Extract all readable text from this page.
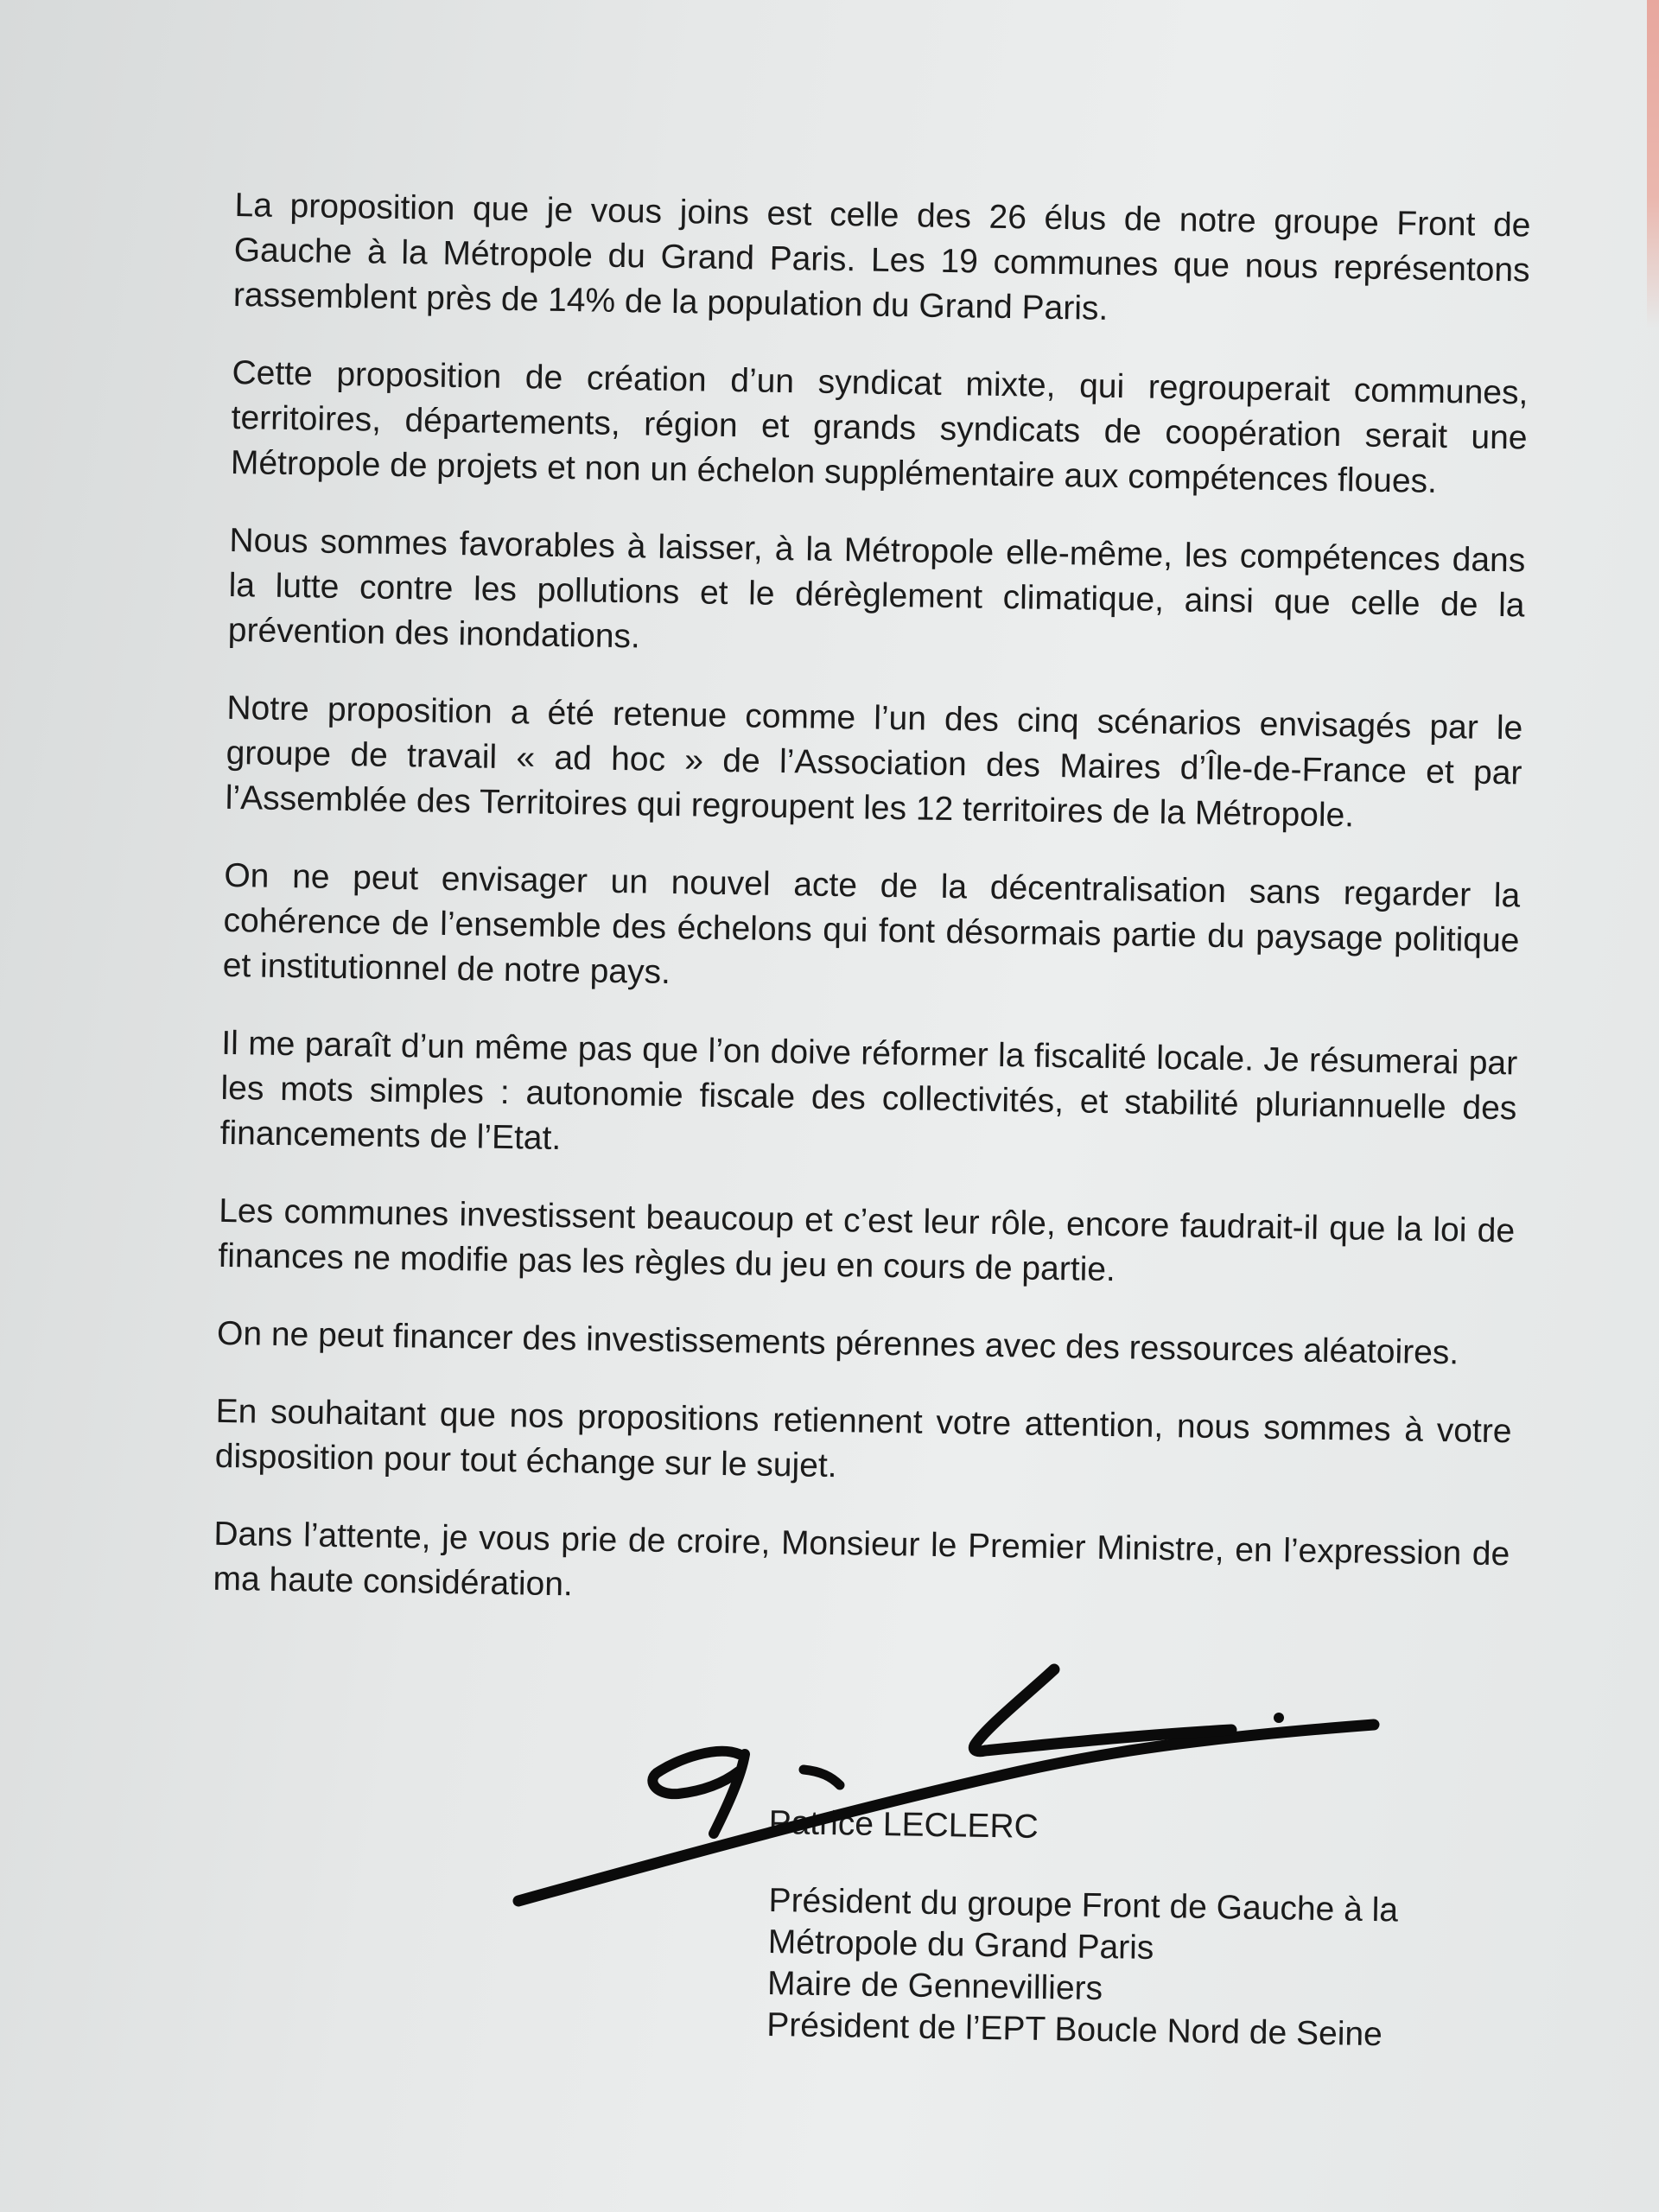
La proposition que je vous joins est celle des 26 élus de notre groupe Front de Gauche à la Métropole du Grand Paris. Les 19 communes que nous représentons rassemblent près de 14% de la population du Grand Paris.

Cette proposition de création d’un syndicat mixte, qui regrouperait communes, territoires, départements, région et grands syndicats de coopération serait une Métropole de projets et non un échelon supplémentaire aux compétences floues.

Nous sommes favorables à laisser, à la Métropole elle-même, les compétences dans la lutte contre les pollutions et le dérèglement climatique, ainsi que celle de la prévention des inondations.

Notre proposition a été retenue comme l’un des cinq scénarios envisagés par le groupe de travail « ad hoc » de l’Association des Maires d’Île-de-France et par l’Assemblée des Territoires qui regroupent les 12 territoires de la Métropole.

On ne peut envisager un nouvel acte de la décentralisation sans regarder la cohérence de l’ensemble des échelons qui font désormais partie du paysage politique et institutionnel de notre pays.

Il me paraît d’un même pas que l’on doive réformer la fiscalité locale. Je résumerai par les mots simples : autonomie fiscale des collectivités, et stabilité pluriannuelle des financements de l’Etat.

Les communes investissent beaucoup et c’est leur rôle, encore faudrait-il que la loi de finances ne modifie pas les règles du jeu en cours de partie.

On ne peut financer des investissements pérennes avec des ressources aléatoires.

En souhaitant que nos propositions retiennent votre attention, nous sommes à votre disposition pour tout échange sur le sujet.

Dans l’attente, je vous prie de croire, Monsieur le Premier Ministre, en l’expression de ma haute considération.

Patrice LECLERC
Président du groupe Front de Gauche à la
Métropole du Grand Paris
Maire de Gennevilliers
Président de l’EPT Boucle Nord de Seine
